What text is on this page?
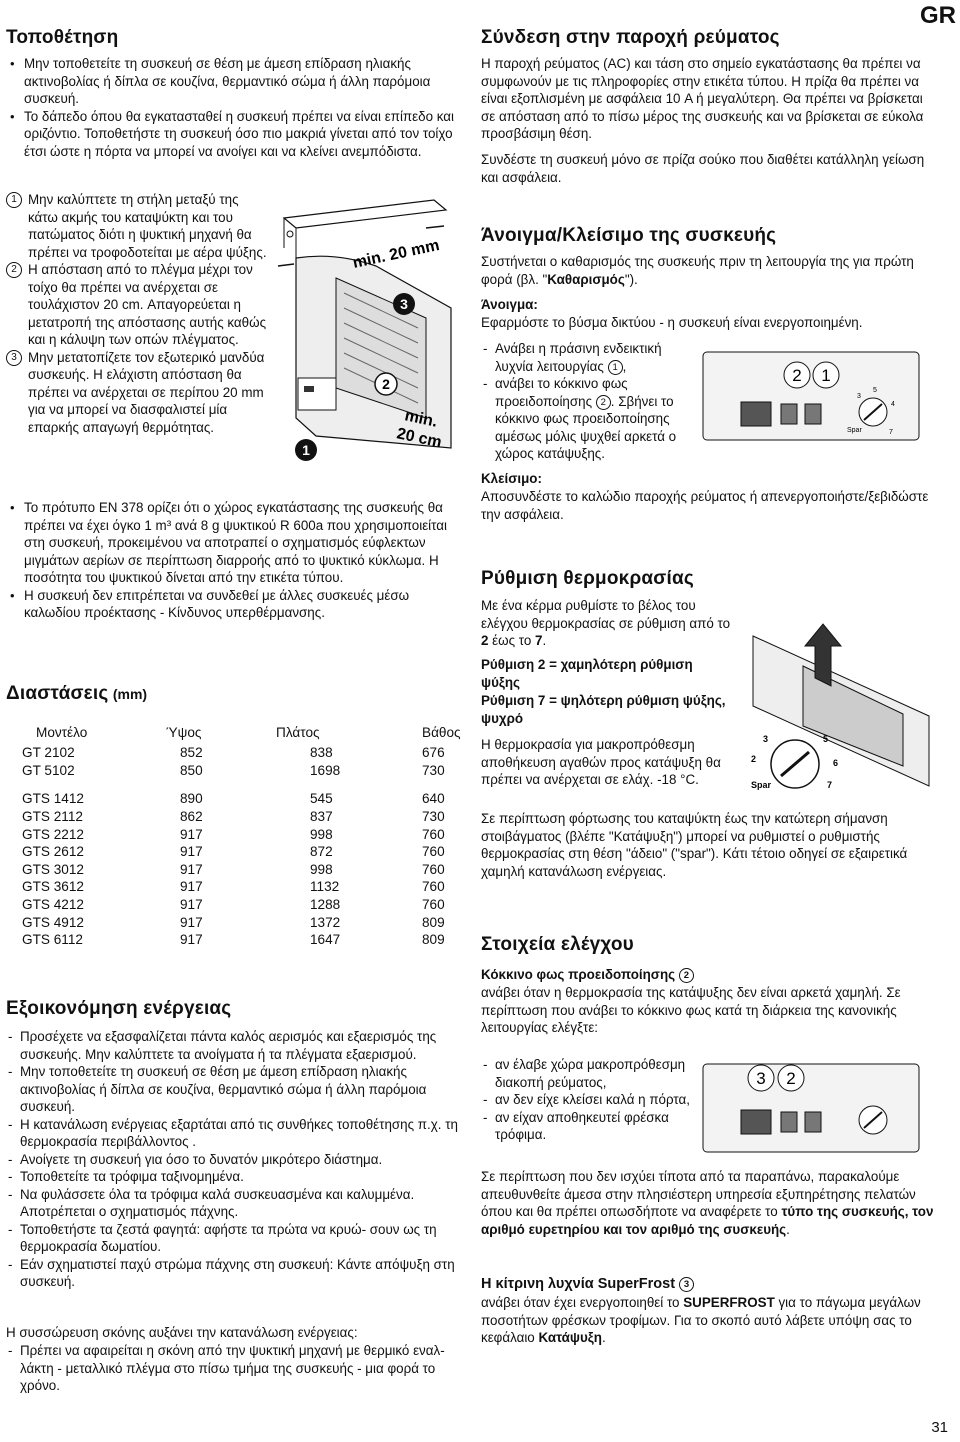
GR
31
Τοποθέτηση

• Μην τοποθετείτε τη συσκευή σε θέση με άμεση επίδραση ηλιακής ακτινοβολίας ή δίπλα σε κουζίνα, θερμαντικό σώμα ή άλλη παρόμοια συσκευή.

• Το δάπεδο όπου θα εγκατασταθεί η συσκευή πρέπει να είναι επίπεδο και οριζόντιο. Τοποθετήστε τη συσκευή όσο πιο μακριά γίνεται από τον τοίχο έτσι ώστε η πόρτα να μπορεί να ανοίγει και να κλείνει ανεμπόδιστα.

1 Μην καλύπτετε τη στήλη μεταξύ της κάτω ακμής του καταψύκτη και του πατώματος διότι η ψυκτική μηχανή θα πρέπει να τροφοδοτείται με αέρα ψύξης.

2 Η απόσταση από το πλέγμα μέχρι τον τοίχο θα πρέπει να ανέρχεται σε τουλάχιστον 20 cm. Απαγορεύεται η μετατροπή της απόστασης αυτής καθώς και η κάλυψη των οπών πλέγματος.

3 Μην μετατοπίζετε τον εξωτερικό μανδύα συσκευής. Η ελάχιστη απόσταση θα πρέπει να ανέρχεται σε περίπου 20 mm για να μπορεί να διασφαλιστεί μία επαρκής απαγωγή θερμότητας.

min. 20 mm
3
2
min.
20 cm
1

• Το πρότυπο EN 378 ορίζει ότι ο χώρος εγκατάστασης της συσκευής θα πρέπει να έχει όγκο 1 m³ ανά 8 g ψυκτικού R 600a που χρησιμοποιείται στη συσκευή, προκειμένου να αποτραπεί ο σχηματισμός εύφλεκτων μιγμάτων αερίων σε περίπτωση διαρροής από το ψυκτικό κύκλωμα. Η ποσότητα του ψυκτικού δίνεται από την ετικέτα τύπου.

• Η συσκευή δεν επιτρέπεται να συνδεθεί με άλλες συσκευές μέσω καλωδίου προέκτασης - Κίνδυνος υπερθέρμανσης.

Διαστάσεις (mm)
Μοντέλο	Ύψος	Πλάτος	Βάθος
GT 2102	852	838	676
GT 5102	850	1698	730

GTS 1412	890	545	640
GTS 2112	862	837	730
GTS 2212	917	998	760
GTS 2612	917	872	760
GTS 3012	917	998	760
GTS 3612	917	1132	760
GTS 4212	917	1288	760
GTS 4912	917	1372	809
GTS 6112	917	1647	809
Εξοικονόμηση ενέργειας

- Προσέχετε να εξασφαλίζεται πάντα καλός αερισμός και εξαερισμός της συσκευής. Μην καλύπτετε τα ανοίγματα ή τα πλέγματα εξαερισμού.

- Μην τοποθετείτε τη συσκευή σε θέση με άμεση επίδραση ηλιακής ακτινοβολίας ή δίπλα σε κουζίνα, θερμαντικό σώμα ή άλλη παρόμοια συσκευή.

- Η κατανάλωση ενέργειας εξαρτάται από τις συνθήκες τοποθέτησης π.χ. τη θερμοκρασία περιβάλλοντος .

- Ανοίγετε τη συσκευή για όσο το δυνατόν μικρότερο διάστημα.

- Τοποθετείτε τα τρόφιμα ταξινομημένα.

- Να φυλάσσετε όλα τα τρόφιμα καλά συσκευασμένα και καλυμμένα. Αποτρέπεται ο σχηματισμός πάχνης.

- Τοποθετήστε τα ζεστά φαγητά: αφήστε τα πρώτα να κρυώ- σουν ως τη θερμοκρασία δωματίου.

- Εάν σχηματιστεί παχύ στρώμα πάχνης στη συσκευή: Κάντε απόψυξη στη συσκευή.

Η συσσώρευση σκόνης αυξάνει την κατανάλωση ενέργειας:

- Πρέπει να αφαιρείται η σκόνη από την ψυκτική μηχανή με θερμικό εναλ- λάκτη - μεταλλικό πλέγμα στο πίσω τμήμα της συσκευής - μια φορά το χρόνο.

Σύνδεση στην παροχή ρεύματος

Η παροχή ρεύματος (AC) και τάση στο σημείο εγκατάστασης θα πρέπει να συμφωνούν με τις πληροφορίες στην ετικέτα τύπου. Η πρίζα θα πρέπει να είναι εξοπλισμένη με ασφάλεια 10 A ή μεγαλύτερη. Θα πρέπει να βρίσκεται σε απόσταση από το πίσω μέρος της συσκευής και να βρίσκεται σε εύκολα προσβάσιμη θέση.

Συνδέστε τη συσκευή μόνο σε πρίζα σούκο που διαθέτει κατάλληλη γείωση και ασφάλεια.

Άνοιγμα/Κλείσιμο της συσκευής

Συστήνεται ο καθαρισμός της συσκευής πριν τη λειτουργία της για πρώτη φορά (βλ. "Καθαρισμός").

Άνοιγμα:

Εφαρμόστε το βύσμα δικτύου - η συσκευή είναι ενεργοποιημένη.

- Ανάβει η πράσινη ενδεικτική λυχνία λειτουργίας 1 ,

- ανάβει το κόκκινο φως προειδοποίησης 2 . Σβήνει το κόκκινο φως προειδοποίησης αμέσως μόλις ψυχθεί αρκετά ο χώρος κατάψυξης.

2 1
3
5
4
7
Spar

Κλείσιμο:

Αποσυνδέστε το καλώδιο παροχής ρεύματος ή απενεργοποιήστε/ξεβιδώστε την ασφάλεια.

Ρύθμιση θερμοκρασίας

Με ένα κέρμα ρυθμίστε το βέλος του ελέγχου θερμοκρασίας σε ρύθμιση από το 2 έως το 7.

Ρύθμιση 2 = χαμηλότερη ρύθμιση ψύξης

Ρύθμιση 7 = ψηλότερη ρύθμιση ψύξης, ψυχρό

Η θερμοκρασία για μακροπρόθεσμη αποθήκευση αγαθών προς κατάψυξη θα πρέπει να ανέρχεται σε ελάχ. -18 °C.

3	5
2	6
7
Spar

Σε περίπτωση φόρτωσης του καταψύκτη έως την κατώτερη σήμανση στοιβάγματος (βλέπε "Κατάψυξη") μπορεί να ρυθμιστεί ο ρυθμιστής θερμοκρασίας στη θέση "άδειο" ("spar"). Κάτι τέτοιο οδηγεί σε εξαιρετικά χαμηλή κατανάλωση ενέργειας.

Στοιχεία ελέγχου

Κόκκινο φως προειδοποίησης 2

ανάβει όταν η θερμοκρασία της κατάψυξης δεν είναι αρκετά χαμηλή. Σε περίπτωση που ανάβει το κόκκινο φως κατά τη διάρκεια της κανονικής λειτουργίας ελέγξτε:

- αν έλαβε χώρα μακροπρόθεσμη διακοπή ρεύματος,

- αν δεν είχε κλείσει καλά η πόρτα,

- αν είχαν αποθηκευτεί φρέσκα τρόφιμα.

3 2

Σε περίπτωση που δεν ισχύει τίποτα από τα παραπάνω, παρακαλούμε απευθυνθείτε άμεσα στην πλησιέστερη υπηρεσία εξυπηρέτησης πελατών όπου και θα πρέπει οπωσδήποτε να αναφέρετε το τύπο της συσκευής, τον αριθμό ευρετηρίου και τον αριθμό της συσκευής.

Η κίτρινη λυχνία SuperFrost 3

ανάβει όταν έχει ενεργοποιηθεί το SUPERFROST για το πάγωμα μεγάλων ποσοτήτων φρέσκων τροφίμων. Για το σκοπό αυτό λάβετε υπόψη σας το κεφάλαιο Κατάψυξη.
